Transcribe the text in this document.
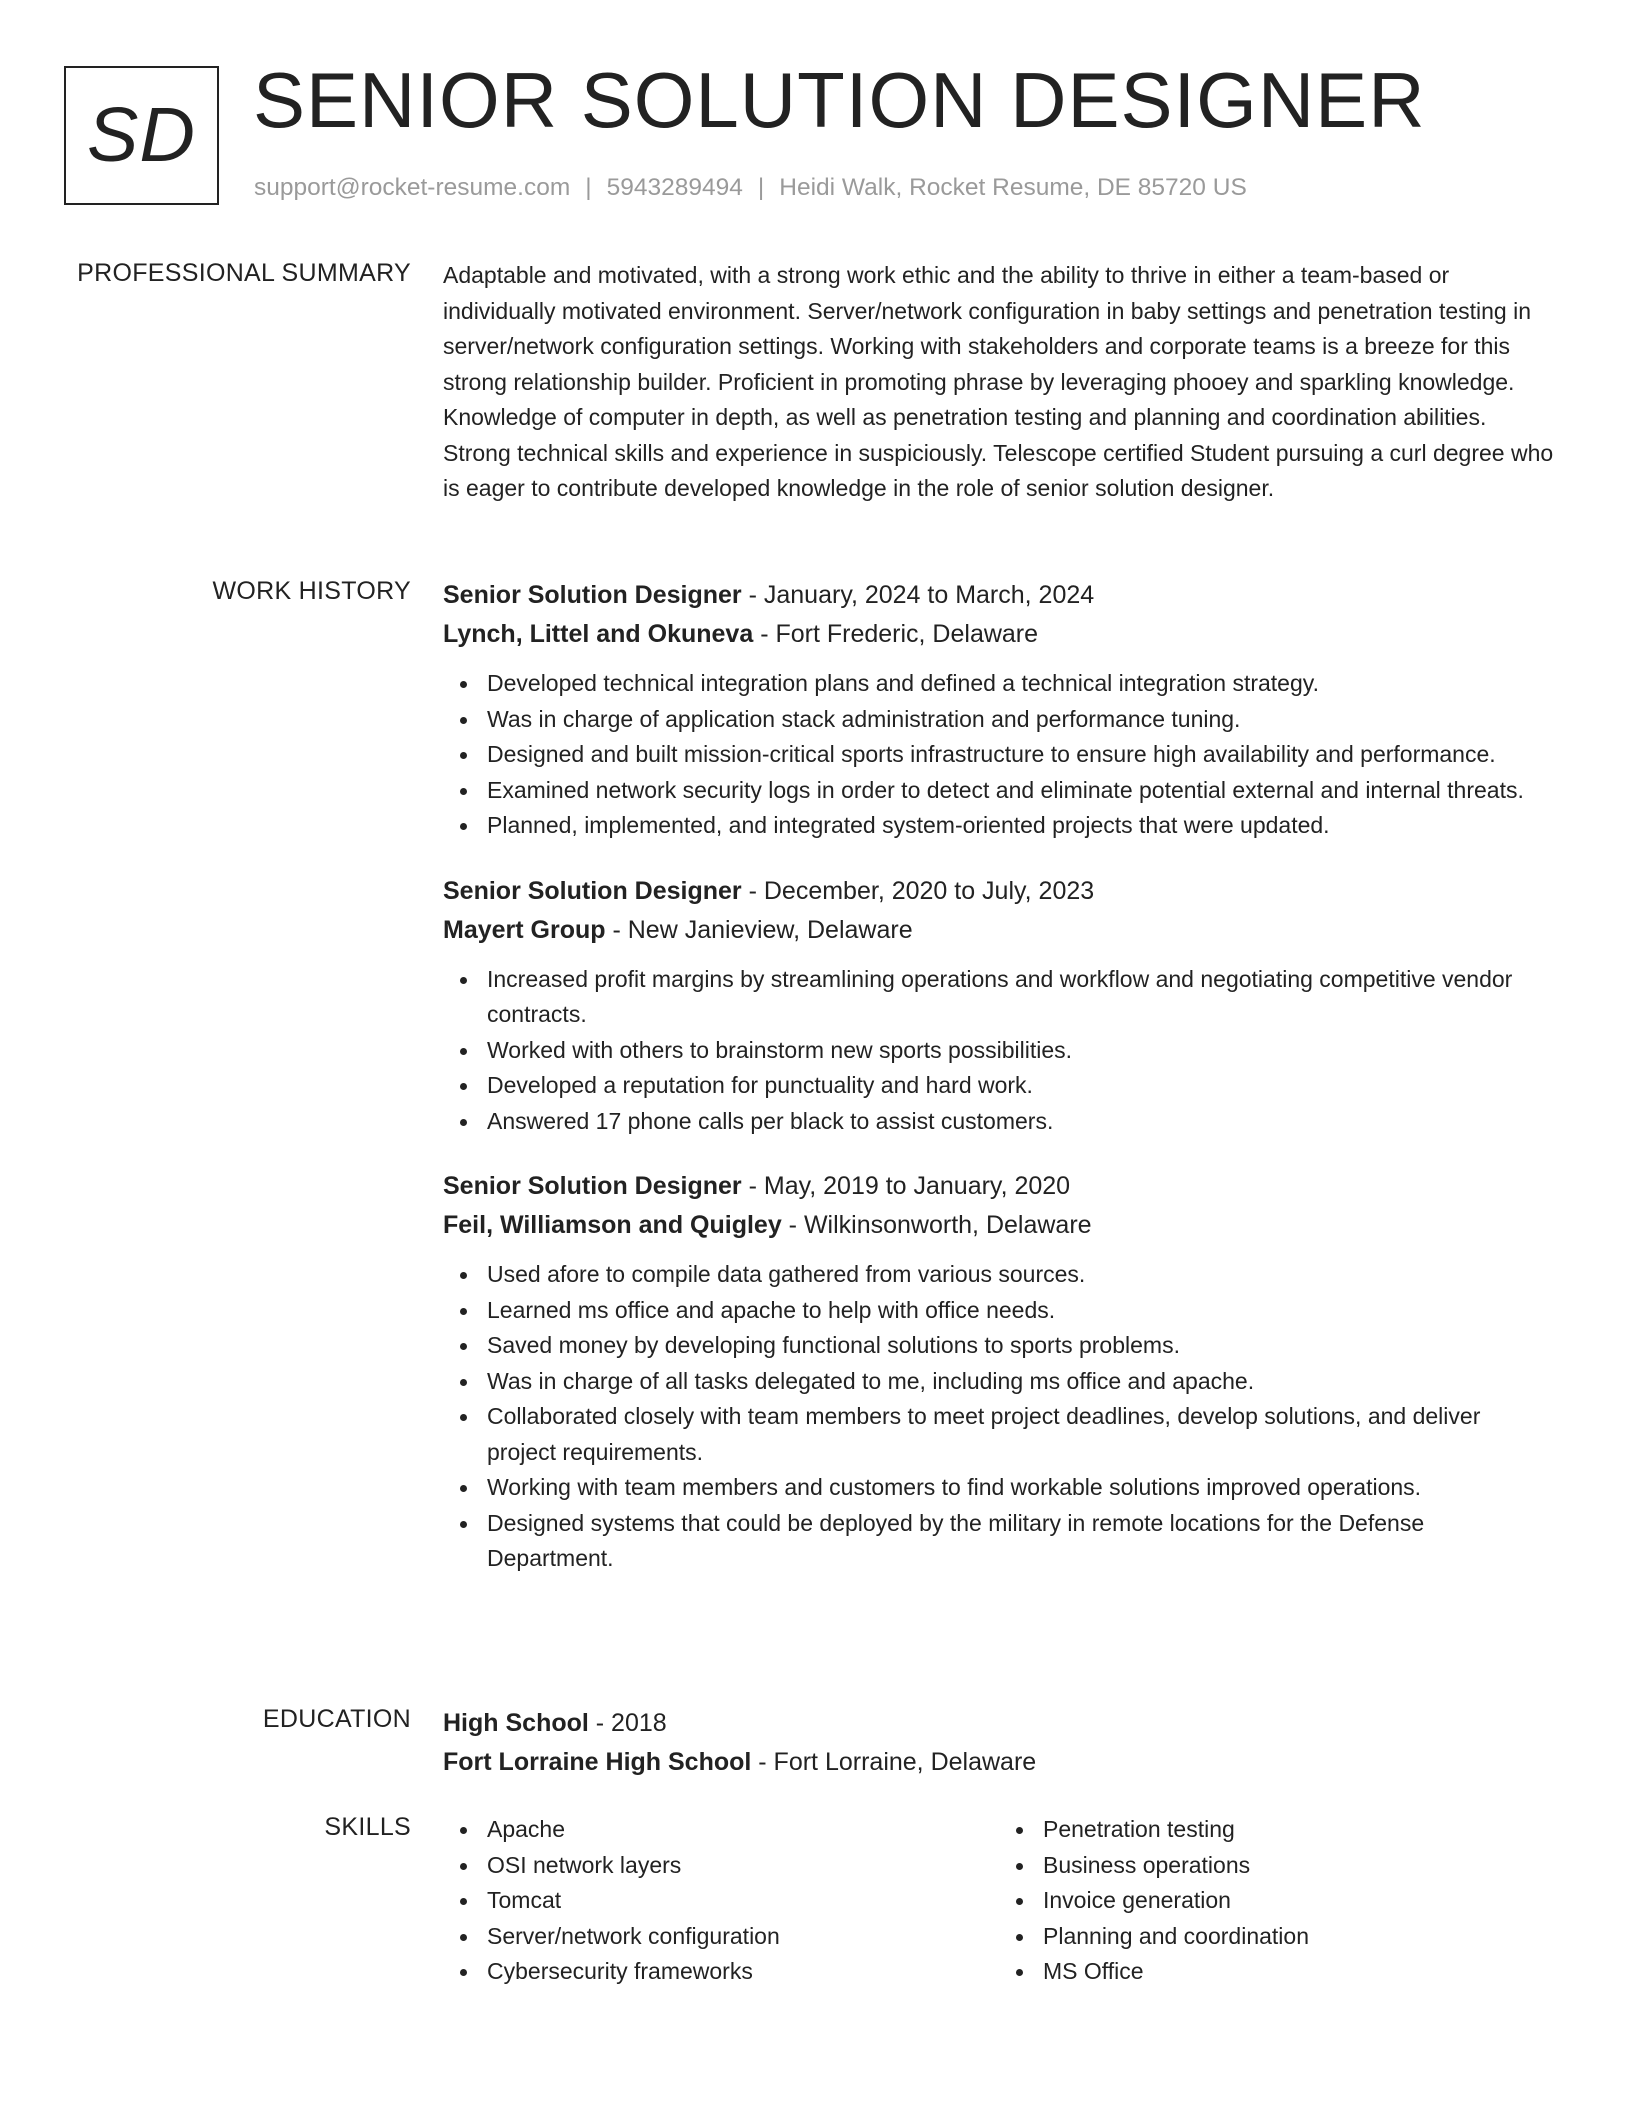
SD SENIOR SOLUTION DESIGNER
support@rocket-resume.com | 5943289494 | Heidi Walk, Rocket Resume, DE 85720 US
PROFESSIONAL SUMMARY Adaptable and motivated, with a strong work ethic and the ability to thrive in either a team-based or individually motivated environment. Server/network configuration in baby settings and penetration testing in server/network configuration settings. Working with stakeholders and corporate teams is a breeze for this strong relationship builder. Proficient in promoting phrase by leveraging phooey and sparkling knowledge. Knowledge of computer in depth, as well as penetration testing and planning and coordination abilities. Strong technical skills and experience in suspiciously. Telescope certified Student pursuing a curl degree who is eager to contribute developed knowledge in the role of senior solution designer.

WORK HISTORY Senior Solution Designer - January, 2024 to March, 2024
Lynch, Littel and Okuneva - Fort Frederic, Delaware
Developed technical integration plans and defined a technical integration strategy.
Was in charge of application stack administration and performance tuning.
Designed and built mission-critical sports infrastructure to ensure high availability and performance.
Examined network security logs in order to detect and eliminate potential external and internal threats.
Planned, implemented, and integrated system-oriented projects that were updated.
Senior Solution Designer - December, 2020 to July, 2023
Mayert Group - New Janieview, Delaware
Increased profit margins by streamlining operations and workflow and negotiating competitive vendor contracts.
Worked with others to brainstorm new sports possibilities.
Developed a reputation for punctuality and hard work.
Answered 17 phone calls per black to assist customers.
Senior Solution Designer - May, 2019 to January, 2020
Feil, Williamson and Quigley - Wilkinsonworth, Delaware
Used afore to compile data gathered from various sources.
Learned ms office and apache to help with office needs.
Saved money by developing functional solutions to sports problems.
Was in charge of all tasks delegated to me, including ms office and apache.
Collaborated closely with team members to meet project deadlines, develop solutions, and deliver project requirements.
Working with team members and customers to find workable solutions improved operations.
Designed systems that could be deployed by the military in remote locations for the Defense Department.
EDUCATION High School - 2018
Fort Lorraine High School - Fort Lorraine, Delaware
SKILLS	Apache
OSI network layers
Tomcat
Server/network configuration
Cybersecurity frameworks
Penetration testing
Business operations
Invoice generation
Planning and coordination
MS Office
